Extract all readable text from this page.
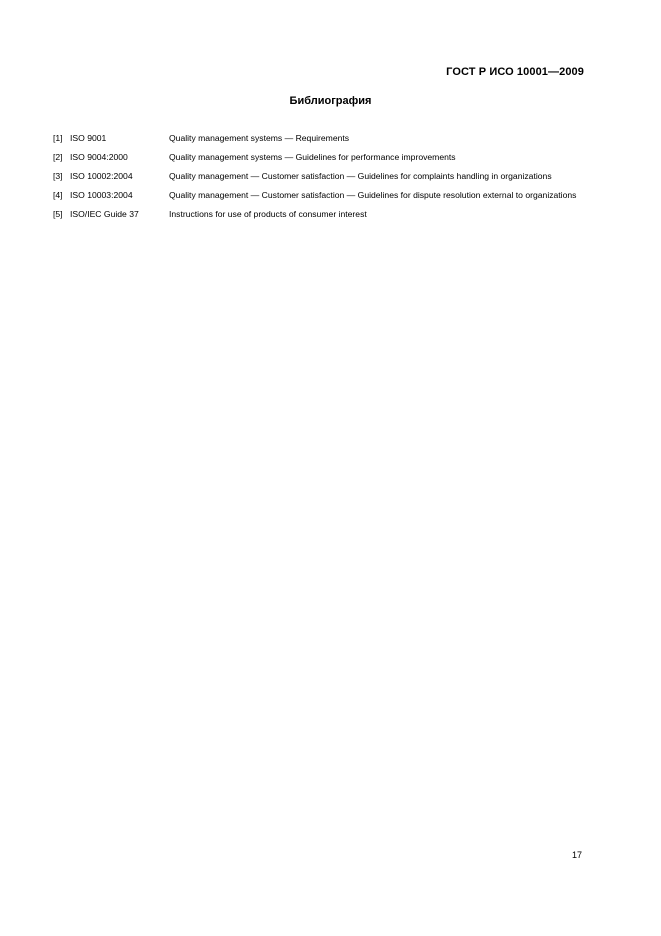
ГОСТ Р ИСО 10001—2009
Библиография
[1] ISO 9001	Quality management systems — Requirements
[2] ISO 9004:2000	Quality management systems — Guidelines for performance improvements
[3] ISO 10002:2004	Quality management — Customer satisfaction — Guidelines for complaints handling in organizations
[4] ISO 10003:2004	Quality management — Customer satisfaction — Guidelines for dispute resolution external to organizations
[5] ISO/IEC Guide 37	Instructions for use of products of consumer interest
17
